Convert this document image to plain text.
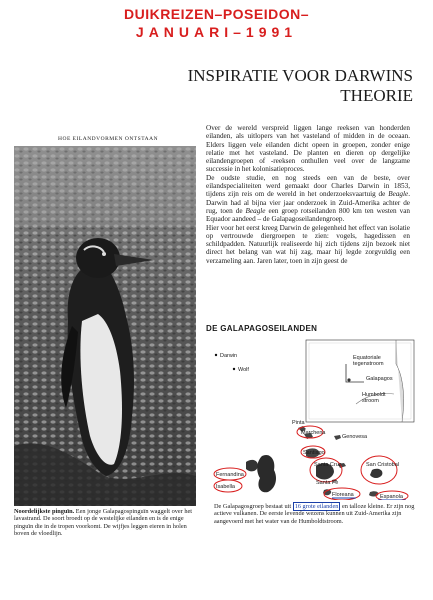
DUIKREIZEN–POSEIDON–
JANUARI–1991
INSPIRATIE VOOR DARWINS
THEORIE
HOE EILANDVORMEN ONTSTAAN
Noordelijkste pinguïn. Een jonge Galapagospinguïn waggelt over het lavastrand. De soort broedt op de westelijke eilanden en is de enige pinguïn die in de tropen voorkomt. De wijfjes leggen eieren in holen boven de vloedlijn.

Over de wereld verspreid liggen lange reeksen van honderden eilanden, als uitlopers van het vasteland of midden in de oceaan. Elders liggen vele eilanden dicht opeen in groepen, zonder enige relatie met het vasteland. De planten en dieren op dergelijke eilandengroepen of -reeksen onthullen veel over de langzame successie in het kolonisatieproces.

De oudste studie, en nog steeds een van de beste, over eilandspecialiteiten werd gemaakt door Charles Darwin in 1853, tijdens zijn reis om de wereld in het onderzoeksvaartuig de Beagle. Darwin had al bijna vier jaar onderzoek in Zuid-Amerika achter de rug, toen de Beagle een groep rotseilanden 800 km ten westen van Equador aandeed – de Galapagoseilandengroep.

Hier voor het eerst kreeg Darwin de gelegenheid het effect van isolatie op vertrouwde diergroepen te zien: vogels, hagedissen en schildpadden. Natuurlijk realiseerde hij zich tijdens zijn bezoek niet direct het belang van wat hij zag, maar hij legde zorgvuldig een verzameling aan. Jaren later, toen in zijn geest de

DE GALAPAGOSEILANDEN
Equatoriale
tegenstroom
Galapagos
Humboldt
stroom
Darwin
Wolf
Pinta
Genovesa
Marchena
Santiago
Fernandina
Isabella
Santa Cruz	San Cristobal
Santa Fe
Floreana	Espanola
De Galapagosgroep bestaat uit 16 grote eilanden en talloze kleine. Er zijn nog actieve vulkanen. De eerste levende wezens kunnen uit Zuid-Amerika zijn aangevoerd met het water van de Humboldtstroom.
